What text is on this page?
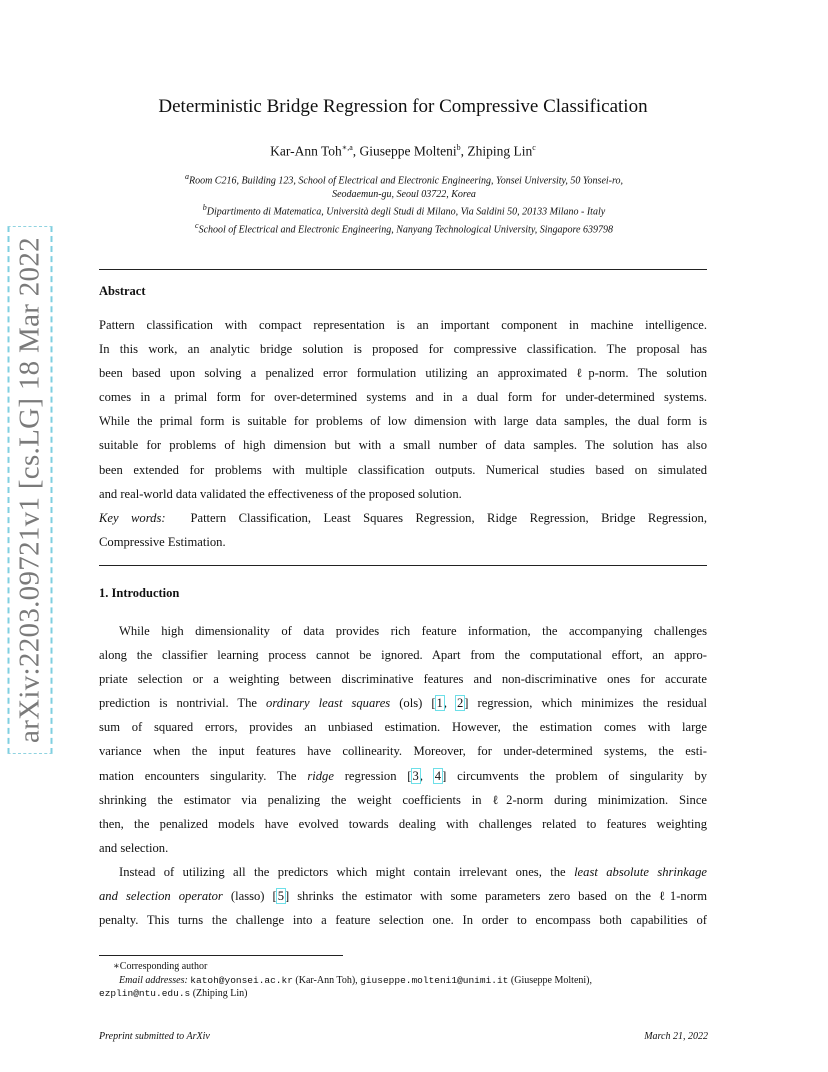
arXiv:2203.09721v1 [cs.LG] 18 Mar 2022
Deterministic Bridge Regression for Compressive Classification
Kar-Ann Toh$^{∗,a}$, Giuseppe Molteni$^b$, Zhiping Lin$^c$
$^a$Room C216, Building 123, School of Electrical and Electronic Engineering, Yonsei University, 50 Yonsei-ro,
Seodaemun-gu, Seoul 03722, Korea
$^b$Dipartimento di Matematica, Università degli Studi di Milano, Via Saldini 50, 20133 Milano - Italy
$^c$School of Electrical and Electronic Engineering, Nanyang Technological University, Singapore 639798
Abstract
Pattern classification with compact representation is an important component in machine intelligence.
In this work, an analytic bridge solution is proposed for compressive classification. The proposal has
been based upon solving a penalized error formulation utilizing an approximated ℓp-norm. The solution
comes in a primal form for over-determined systems and in a dual form for under-determined systems.
While the primal form is suitable for problems of low dimension with large data samples, the dual form is
suitable for problems of high dimension but with a small number of data samples. The solution has also
been extended for problems with multiple classification outputs. Numerical studies based on simulated
and real-world data validated the effectiveness of the proposed solution.
Key words: Pattern Classification, Least Squares Regression, Ridge Regression, Bridge Regression,
Compressive Estimation.
1. Introduction
While high dimensionality of data provides rich feature information, the accompanying challenges
along the classifier learning process cannot be ignored. Apart from the computational effort, an appro-
priate selection or a weighting between discriminative features and non-discriminative ones for accurate
prediction is nontrivial. The ordinary least squares (ols) [1, 2] regression, which minimizes the residual
sum of squared errors, provides an unbiased estimation. However, the estimation comes with large
variance when the input features have collinearity. Moreover, for under-determined systems, the esti-
mation encounters singularity. The ridge regression [3, 4] circumvents the problem of singularity by
shrinking the estimator via penalizing the weight coefficients in ℓ2-norm during minimization. Since
then, the penalized models have evolved towards dealing with challenges related to features weighting
and selection.
Instead of utilizing all the predictors which might contain irrelevant ones, the least absolute shrinkage
and selection operator (lasso) [5] shrinks the estimator with some parameters zero based on the ℓ1-norm
penalty. This turns the challenge into a feature selection one. In order to encompass both capabilities of
∗Corresponding author
Email addresses: katoh@yonsei.ac.kr (Kar-Ann Toh), giuseppe.molteni1@unimi.it (Giuseppe Molteni),
ezplin@ntu.edu.s (Zhiping Lin)
Preprint submitted to ArXiv	March 21, 2022
